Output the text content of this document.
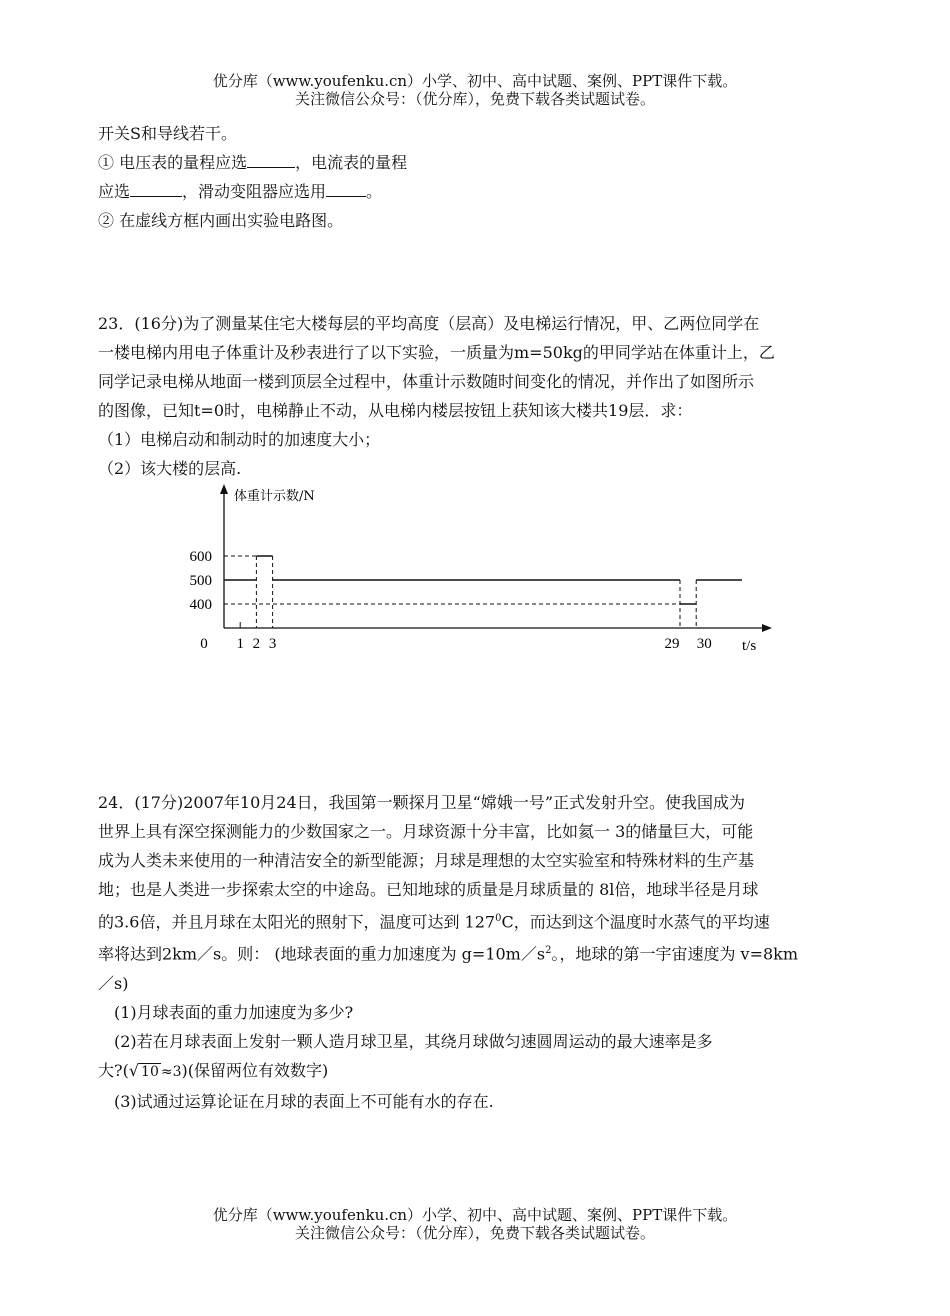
优分库（www.youfenku.cn）小学、初中、高中试题、案例、PPT课件下载。
关注微信公众号：（优分库），免费下载各类试题试卷。
开关S和导线若干。
① 电压表的量程应选	，电流表的量程
应选	，滑动变阻器应选用	。
② 在虚线方框内画出实验电路图。
23．(16分)为了测量某住宅大楼每层的平均高度（层高）及电梯运行情况，甲、乙两位同学在
一楼电梯内用电子体重计及秒表进行了以下实验，一质量为m=50kg的甲同学站在体重计上，乙
同学记录电梯从地面一楼到顶层全过程中，体重计示数随时间变化的情况，并作出了如图所示
的图像，已知t=0时，电梯静止不动，从电梯内楼层按钮上获知该大楼共19层．求：
（1）电梯启动和制动时的加速度大小；
（2）该大楼的层高.
体重计示数/N
600
500
400
0 1 2 3	29 30 t/s
24．(17分)2007年10月24日，我国第一颗探月卫星“嫦娥一号”正式发射升空。使我国成为
世界上具有深空探测能力的少数国家之一。月球资源十分丰富，比如氦一 3的储量巨大，可能
成为人类未来使用的一种清洁安全的新型能源；月球是理想的太空实验室和特殊材料的生产基
地；也是人类进一步探索太空的中途岛。已知地球的质量是月球质量的 8l倍，地球半径是月球
的3.6倍，并且月球在太阳光的照射下，温度可达到 $127^0C$，而达到这个温度时水蒸气的平均速
率将达到2km／s。则： (地球表面的重力加速度为 $g=10m/s^2$。，地球的第一宇宙速度为 v=8km
／s)
(1)月球表面的重力加速度为多少?
(2)若在月球表面上发射一颗人造月球卫星，其绕月球做匀速圆周运动的最大速率是多
大?(√ 10 ≈3)(保留两位有效数字)
(3)试通过运算论证在月球的表面上不可能有水的存在.
优分库（www.youfenku.cn）小学、初中、高中试题、案例、PPT课件下载。
关注微信公众号：（优分库），免费下载各类试题试卷。
